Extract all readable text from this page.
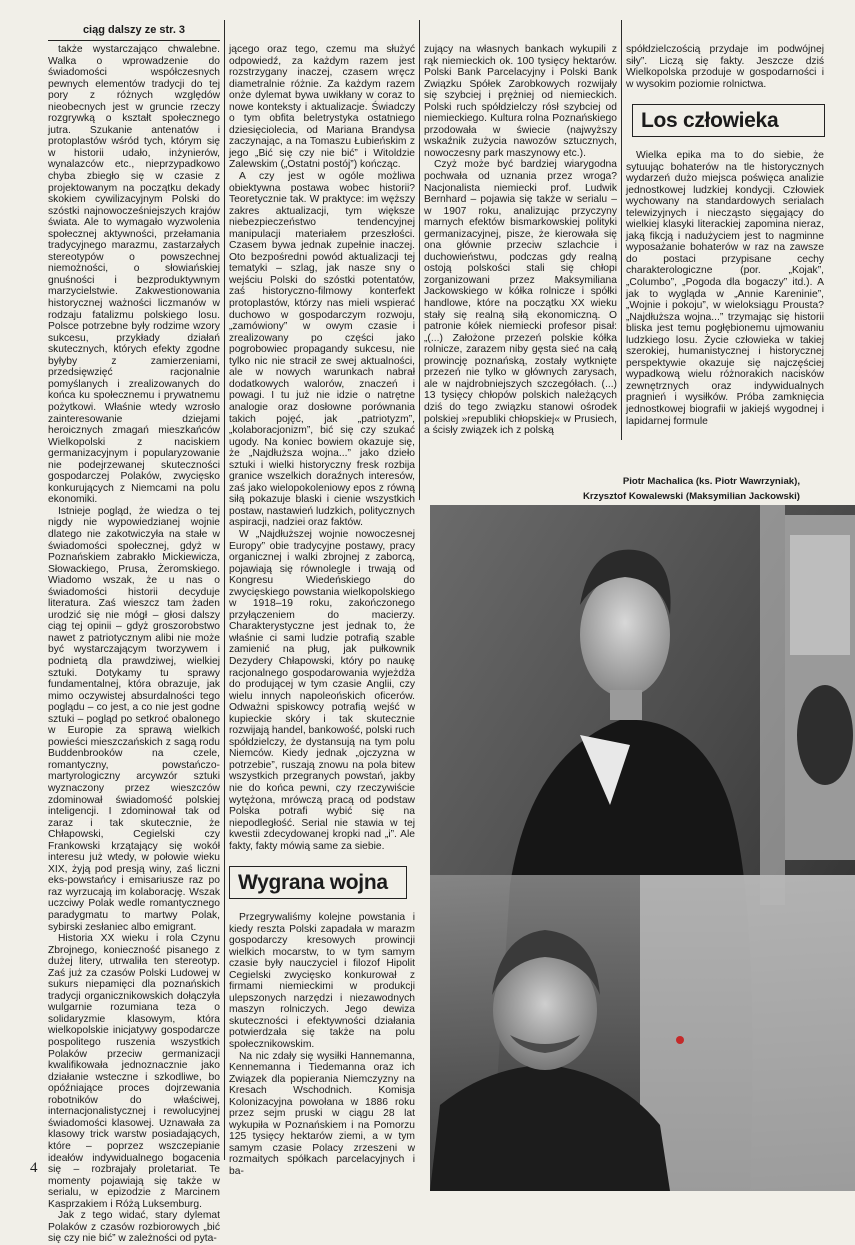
ciąg dalszy ze str. 3

także wystarczająco chwalebne. Walka o wprowadzenie do świadomości współczesnych pewnych elementów tradycji do tej pory z różnych względów nieobecnych jest w gruncie rzeczy rozgrywką o kształt społecznego jutra. Szukanie antenatów i protoplastów wśród tych, którym się w historii udało, inżynierów, wynalazców etc., nieprzypadkowo chyba zbiegło się w czasie z projektowanym na początku dekady skokiem cywilizacyjnym Polski do szóstki najnowocześniejszych krajów świata. Ale to wymagało wyzwolenia społecznej aktywności, przełamania tradycyjnego marazmu, zastarzałych stereotypów o powszechnej niemożności, o słowiańskiej gnuśności i bezproduktywnym marzycielstwie. Zakwestionowania historycznej ważności liczmanów w rodzaju fatalizmu polskiego losu. Polsce potrzebne były rodzime wzory sukcesu, przykłady działań skutecznych, których efekty zgodne byłyby z zamierzeniami, przedsięwzięć racjonalnie pomyślanych i zrealizowanych do końca ku społecznemu i prywatnemu pożytkowi. Właśnie wtedy wzrosło zainteresowanie dziejami heroicznych zmagań mieszkańców Wielkopolski z naciskiem germanizacyjnym i popularyzowanie nie podejrzewanej skuteczności gospodarczej Polaków, zwycięsko konkurujących z Niemcami na polu ekonomiki.

Istnieje pogląd, że wiedza o tej nigdy nie wypowiedzianej wojnie dlatego nie zakotwiczyła na stałe w świadomości społecznej, gdyż w Poznańskiem zabrakło Mickiewicza, Słowackiego, Prusa, Żeromskiego. Wiadomo wszak, że u nas o świadomości historii decyduje literatura. Zaś wieszcz tam żaden urodzić się nie mógł – głosi dalszy ciąg tej opinii – gdyż groszorobstwo nawet z patriotycznym alibi nie może być wystarczającym tworzywem i podnietą dla prawdziwej, wielkiej sztuki. Dotykamy tu sprawy fundamentalnej, która obrazuje, jak mimo oczywistej absurdalności tego poglądu – co jest, a co nie jest godne sztuki – pogląd po setkroć obalonego w Europie za sprawą wielkich powieści mieszczańskich z sagą rodu Buddenbrooków na czele, romantyczny, powstańczo-martyrologiczny arcywzór sztuki wyznaczony przez wieszczów zdominował świadomość polskiej inteligencji. I zdominował tak od zaraz i tak skutecznie, że Chłapowski, Cegielski czy Frankowski krzątający się wokół interesu już wtedy, w połowie wieku XIX, żyją pod presją winy, zaś liczni eks-powstańcy i emisariusze raz po raz wyrzucają im kolaborację. Wszak uczciwy Polak wedle romantycznego paradygmatu to martwy Polak, sybirski zesłaniec albo emigrant.

Historia XX wieku i rola Czynu Zbrojnego, konieczność pisanego z dużej litery, utrwaliła ten stereotyp. Zaś już za czasów Polski Ludowej w sukurs niepamięci dla poznańskich tradycji organicznikowskich dołączyła wulgarnie rozumiana teza o solidaryzmie klasowym, która wielkopolskie inicjatywy gospodarcze pospolitego ruszenia wszystkich Polaków przeciw germanizacji kwalifikowała jednoznacznie jako działanie wsteczne i szkodliwe, bo opóźniające proces dojrzewania robotników do właściwej, internacjonalistycznej i rewolucyjnej świadomości klasowej. Uznawała za klasowy trick warstw posiadających, które – poprzez wszczepianie ideałów indywidualnego bogacenia się – rozbrajały proletariat. Te momenty pojawiają się także w serialu, w epizodzie z Marcinem Kasprzakiem i Różą Luksemburg.

Jak z tego widać, stary dylemat Polaków z czasów rozbiorowych „bić się czy nie bić” w zależności od pyta-

jącego oraz tego, czemu ma służyć odpowiedź, za każdym razem jest rozstrzygany inaczej, czasem wręcz diametralnie różnie. Za każdym razem onże dylemat bywa uwikłany w coraz to nowe konteksty i aktualizacje. Świadczy o tym obfita beletrystyka ostatniego dziesięciolecia, od Mariana Brandysa zaczynając, a na Tomaszu Łubieńskim z jego „Bić się czy nie bić” i Witoldzie Zalewskim („Ostatni postój”) kończąc.

A czy jest w ogóle możliwa obiektywna postawa wobec historii? Teoretycznie tak. W praktyce: im węższy zakres aktualizacji, tym większe niebezpieczeństwo tendencyjnej manipulacji materiałem przeszłości. Czasem bywa jednak zupełnie inaczej. Oto bezpośredni powód aktualizacji tej tematyki – szlag, jak nasze sny o wejściu Polski do szóstki potentatów, zaś historyczno-filmowy konterfekt protoplastów, którzy nas mieli wspierać duchowo w gospodarczym rozwoju, „zamówiony” w owym czasie i zrealizowany po części jako pogrobowiec propagandy sukcesu, nie tylko nic nie stracił ze swej aktualności, ale w nowych warunkach nabrał dodatkowych walorów, znaczeń i powagi. I tu już nie idzie o natrętne analogie oraz dosłowne porównania takich pojęć, jak „patriotyzm”, „kolaboracjonizm”, bić się czy szukać ugody. Na koniec bowiem okazuje się, że „Najdłuższa wojna...” jako dzieło sztuki i wielki historyczny fresk rozbija granice wszelkich doraźnych interesów, zaś jako wielopokoleniowy epos z równą siłą pokazuje blaski i cienie wszystkich postaw, nastawień ludzkich, politycznych aspiracji, nadziei oraz faktów.

W „Najdłuższej wojnie nowoczesnej Europy” obie tradycyjne postawy, pracy organicznej i walki zbrojnej z zaborcą, pojawiają się równolegle i trwają od Kongresu Wiedeńskiego do zwycięskiego powstania wielkopolskiego w 1918–19 roku, zakończonego przyłączeniem do macierzy. Charakterystyczne jest jednak to, że właśnie ci sami ludzie potrafią szable zamienić na pług, jak pułkownik Dezydery Chłapowski, który po naukę racjonalnego gospodarowania wyjeżdża do prodującej w tym czasie Anglii, czy wielu innych napoleońskich oficerów. Odważni spiskowcy potrafią wejść w kupieckie skóry i tak skutecznie rozwijają handel, bankowość, polski ruch spółdzielczy, że dystansują na tym polu Niemców. Kiedy jednak „ojczyzna w potrzebie”, ruszają znowu na pola bitew wszystkich przegranych powstań, jakby nie do końca pewni, czy rzeczywiście wytężona, mrówczą pracą od podstaw Polska potrafi wybić się na niepodległość. Serial nie stawia w tej kwestii zdecydowanej kropki nad „i”. Ale fakty, fakty mówią same za siebie.

Wygrana wojna

Przegrywaliśmy kolejne powstania i kiedy reszta Polski zapadała w marazm gospodarczy kresowych prowincji wielkich mocarstw, to w tym samym czasie były nauczyciel i filozof Hipolit Cegielski zwycięsko konkurował z firmami niemieckimi w produkcji ulepszonych narzędzi i niezawodnych maszyn rolniczych. Jego dewiza skuteczności i efektywności działania potwierdzała się także na polu społecznikowskim.

Na nic zdały się wysiłki Hannemanna, Kennemanna i Tiedemanna oraz ich Związek dla popierania Niemczyzny na Kresach Wschodnich. Komisja Kolonizacyjna powołana w 1886 roku przez sejm pruski w ciągu 28 lat wykupiła w Poznańskiem i na Pomorzu 125 tysięcy hektarów ziemi, a w tym samym czasie Polacy zrzeszeni w rozmaitych spółkach parcelacyjnych i ba-

zujący na własnych bankach wykupili z rąk niemieckich ok. 100 tysięcy hektarów. Polski Bank Parcelacyjny i Polski Bank Związku Spółek Zarobkowych rozwijały się szybciej i prężniej od niemieckich. Polski ruch spółdzielczy rósł szybciej od niemieckiego. Kultura rolna Poznańskiego przodowała w świecie (najwyższy wskaźnik zużycia nawozów sztucznych, nowoczesny park maszynowy etc.).

Czyż może być bardziej wiarygodna pochwała od uznania przez wroga? Nacjonalista niemiecki prof. Ludwik Bernhard – pojawia się także w serialu – w 1907 roku, analizując przyczyny marnych efektów bismarkowskiej polityki germanizacyjnej, pisze, że kierowała się ona głównie przeciw szlachcie i duchowieństwu, podczas gdy realną ostoją polskości stali się chłopi zorganizowani przez Maksymiliana Jackowskiego w kółka rolnicze i spółki handlowe, które na początku XX wieku stały się realną siłą ekonomiczną. O patronie kółek niemiecki profesor pisał: „(...) Założone przezeń polskie kółka rolnicze, zarazem niby gęsta sieć na całą prowincję poznańską, zostały wytknięte przezeń nie tylko w głównych zarysach, ale w najdrobniejszych szczegółach. (...) 13 tysięcy chłopów polskich należących dziś do tego związku stanowi ośrodek polskiej »republiki chłopskiej« w Prusiech, a ścisły związek ich z polską

spółdzielczością przydaje im podwójnej siły”. Liczą się fakty. Jeszcze dziś Wielkopolska przoduje w gospodarności i w wysokim poziomie rolnictwa.

Los człowieka

Wielka epika ma to do siebie, że sytuując bohaterów na tle historycznych wydarzeń dużo miejsca poświęca analizie jednostkowej ludzkiej kondycji. Człowiek wychowany na standardowych serialach telewizyjnych i niecząsto sięgający do wielkiej klasyki literackiej zapomina nieraz, jaką fikcją i nadużyciem jest to nagminne wyposażanie bohaterów w raz na zawsze do postaci przypisane cechy charakterologiczne (por. „Kojak”, „Columbo”, „Pogoda dla bogaczy” itd.). A jak to wygląda w „Annie Kareninie”, „Wojnie i pokoju”, w wieloksiągu Prousta? „Najdłuższa wojna...” trzymając się historii bliska jest temu pogłębionemu ujmowaniu ludzkiego losu. Życie człowieka w takiej szerokiej, humanistycznej i historycznej perspektywie okazuje się najczęściej wypadkową wielu różnorakich nacisków zewnętrznych oraz indywidualnych pragnień i wysiłków. Próba zamknięcia jednostkowej biografii w jakiejś wygodnej i lapidarnej formule

Piotr Machalica (ks. Piotr Wawrzyniak),
Krzysztof Kowalewski (Maksymilian Jackowski)
4
